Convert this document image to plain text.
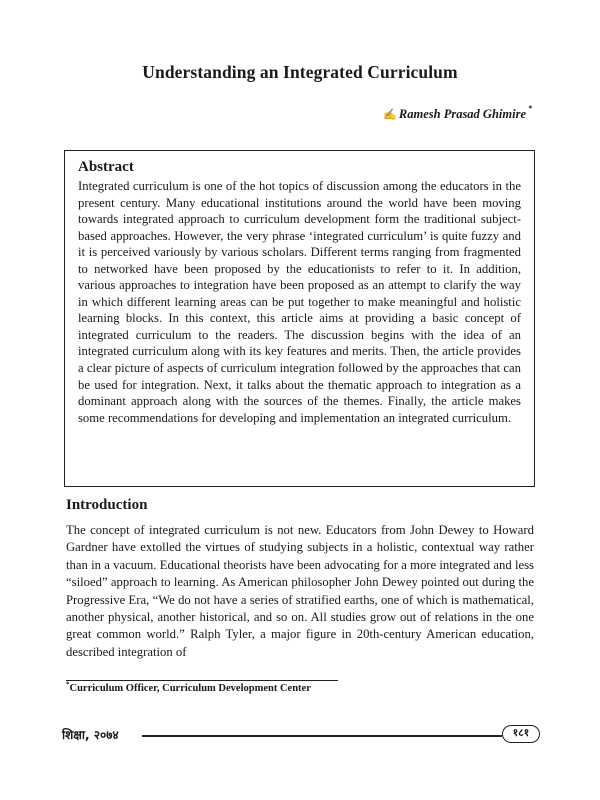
Understanding an Integrated Curriculum
✍ Ramesh Prasad Ghimire *
Abstract

Integrated curriculum is one of the hot topics of discussion among the educators in the present century. Many educational institutions around the world have been moving towards integrated approach to curriculum development form the traditional subject-based approaches. However, the very phrase ‘integrated curriculum’ is quite fuzzy and it is perceived variously by various scholars. Different terms ranging from fragmented to networked have been proposed by the educationists to refer to it. In addition, various approaches to integration have been proposed as an attempt to clarify the way in which different learning areas can be put together to make meaningful and holistic learning blocks. In this context, this article aims at providing a basic concept of integrated curriculum to the readers. The discussion begins with the idea of an integrated curriculum along with its key features and merits. Then, the article provides a clear picture of aspects of curriculum integration followed by the approaches that can be used for integration. Next, it talks about the thematic approach to integration as a dominant approach along with the sources of the themes. Finally, the article makes some recommendations for developing and implementation an integrated curriculum.

Introduction

The concept of integrated curriculum is not new. Educators from John Dewey to Howard Gardner have extolled the virtues of studying subjects in a holistic, contextual way rather than in a vacuum. Educational theorists have been advocating for a more integrated and less “siloed” approach to learning. As American philosopher John Dewey pointed out during the Progressive Era, “We do not have a series of stratified earths, one of which is mathematical, another physical, another historical, and so on. All studies grow out of relations in the one great common world.” Ralph Tyler, a major figure in 20th-century American education, described integration of

*Curriculum Officer, Curriculum Development Center
शिक्षा, २०७४	१८१
